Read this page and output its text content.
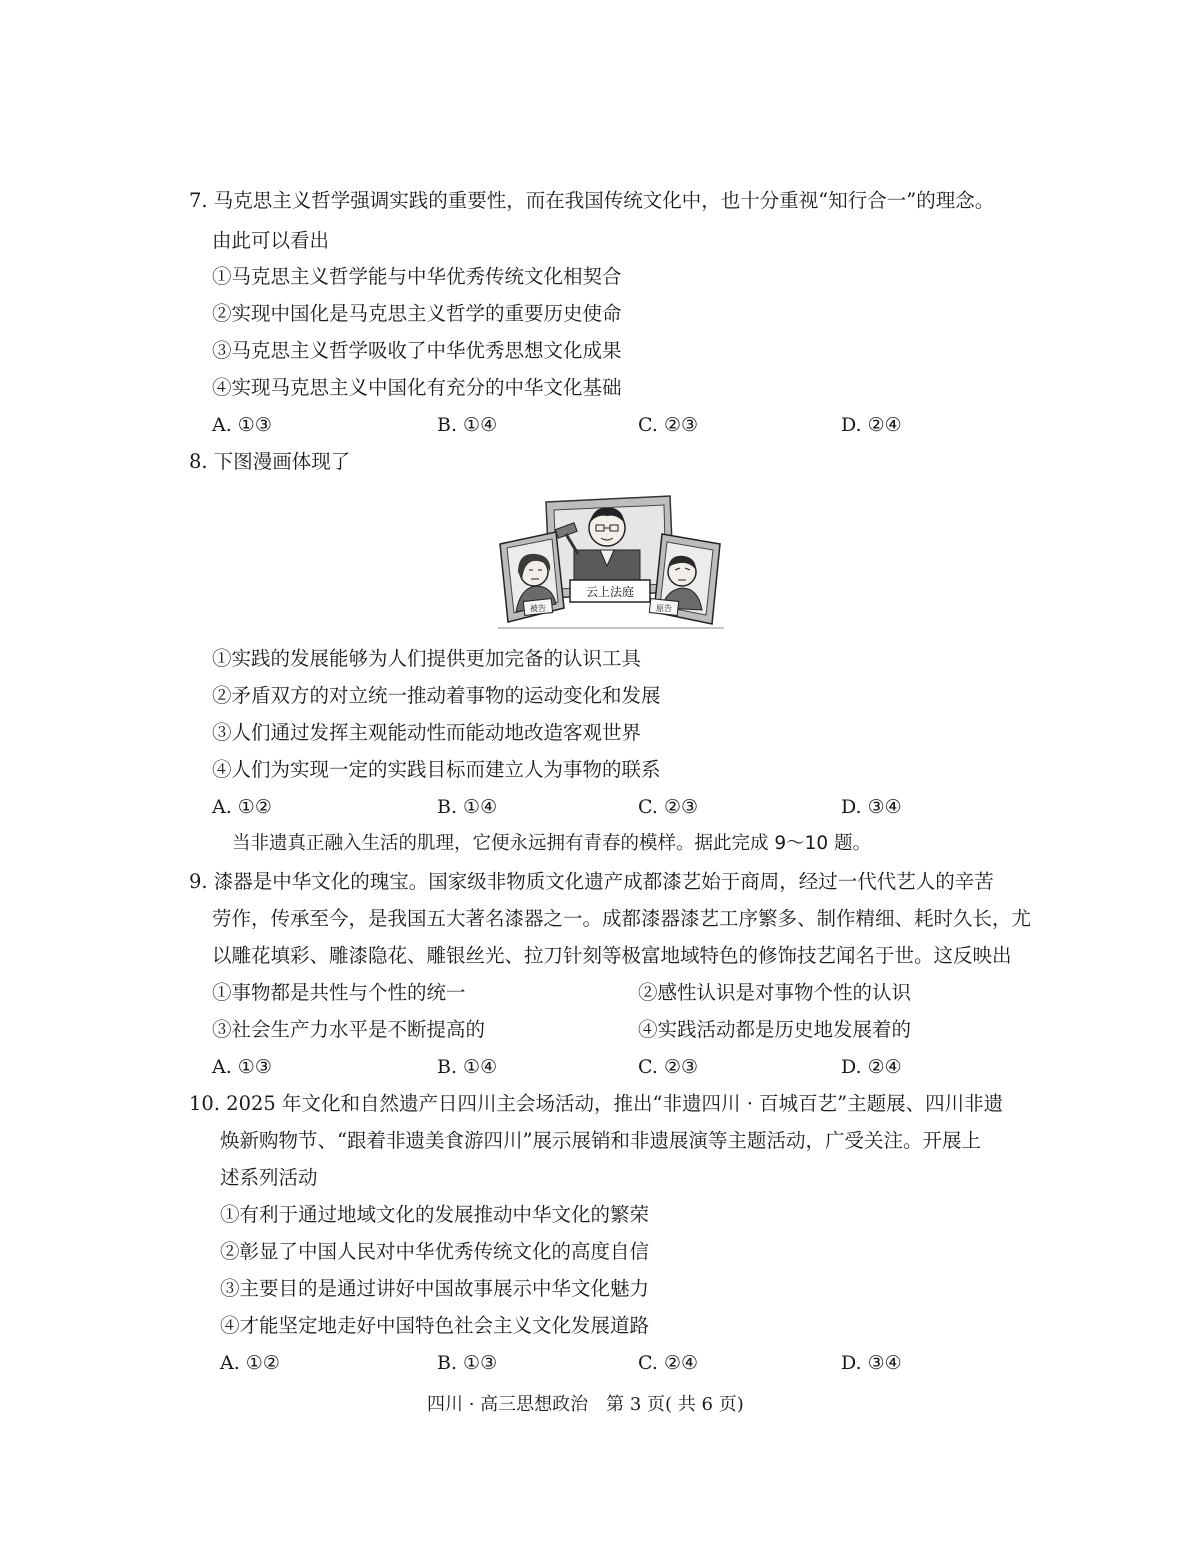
7. 马克思主义哲学强调实践的重要性，而在我国传统文化中，也十分重视“知行合一”的理念。
由此可以看出
①马克思主义哲学能与中华优秀传统文化相契合
②实现中国化是马克思主义哲学的重要历史使命
③马克思主义哲学吸收了中华优秀思想文化成果
④实现马克思主义中国化有充分的中华文化基础
A. ①③	B. ①④	C. ②③	D. ②④
8. 下图漫画体现了
云上法庭
被告	原告
①实践的发展能够为人们提供更加完备的认识工具
②矛盾双方的对立统一推动着事物的运动变化和发展
③人们通过发挥主观能动性而能动地改造客观世界
④人们为实现一定的实践目标而建立人为事物的联系
A. ①②	B. ①④	C. ②③	D. ③④
当非遗真正融入生活的肌理，它便永远拥有青春的模样。据此完成 9～10 题。
9. 漆器是中华文化的瑰宝。国家级非物质文化遗产成都漆艺始于商周，经过一代代艺人的辛苦
劳作，传承至今，是我国五大著名漆器之一。成都漆器漆艺工序繁多、制作精细、耗时久长，尤
以雕花填彩、雕漆隐花、雕银丝光、拉刀针刻等极富地域特色的修饰技艺闻名于世。这反映出
①事物都是共性与个性的统一	②感性认识是对事物个性的认识
③社会生产力水平是不断提高的	④实践活动都是历史地发展着的
A. ①③	B. ①④	C. ②③	D. ②④
10. 2025 年文化和自然遗产日四川主会场活动，推出“非遗四川 · 百城百艺”主题展、四川非遗
焕新购物节、“跟着非遗美食游四川”展示展销和非遗展演等主题活动，广受关注。开展上
述系列活动
①有利于通过地域文化的发展推动中华文化的繁荣
②彰显了中国人民对中华优秀传统文化的高度自信
③主要目的是通过讲好中国故事展示中华文化魅力
④才能坚定地走好中国特色社会主义文化发展道路
A. ①②	B. ①③	C. ②④	D. ③④
四川 · 高三思想政治　第 3 页( 共 6 页)
